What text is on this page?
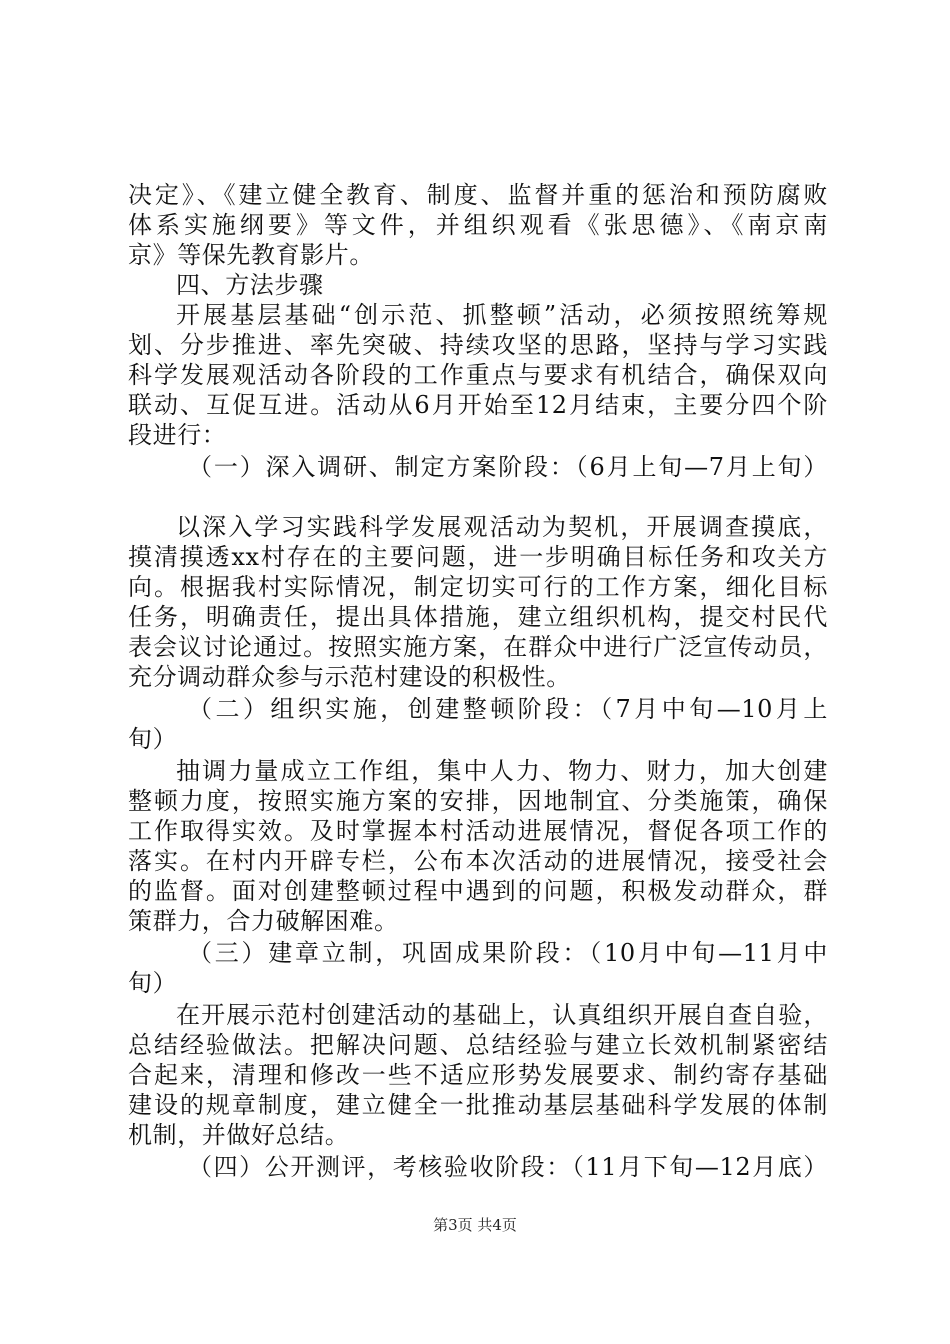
决定》、《建立健全教育、制度、监督并重的惩治和预防腐败
体系实施纲要》等文件，并组织观看《张思德》、《南京南
京》等保先教育影片。
四、方法步骤
开展基层基础“创示范、抓整顿”活动，必须按照统筹规
划、分步推进、率先突破、持续攻坚的思路，坚持与学习实践
科学发展观活动各阶段的工作重点与要求有机结合，确保双向
联动、互促互进。活动从6月开始至12月结束，主要分四个阶
段进行：
（一）深入调研、制定方案阶段：（6月上旬—7月上旬）
以深入学习实践科学发展观活动为契机，开展调查摸底，
摸清摸透xx村存在的主要问题，进一步明确目标任务和攻关方
向。根据我村实际情况，制定切实可行的工作方案，细化目标
任务，明确责任，提出具体措施，建立组织机构，提交村民代
表会议讨论通过。按照实施方案，在群众中进行广泛宣传动员，
充分调动群众参与示范村建设的积极性。
（二）组织实施，创建整顿阶段：（7月中旬—10月上
旬）
抽调力量成立工作组，集中人力、物力、财力，加大创建
整顿力度，按照实施方案的安排，因地制宜、分类施策，确保
工作取得实效。及时掌握本村活动进展情况，督促各项工作的
落实。在村内开辟专栏，公布本次活动的进展情况，接受社会
的监督。面对创建整顿过程中遇到的问题，积极发动群众，群
策群力，合力破解困难。
（三）建章立制，巩固成果阶段：（10月中旬—11月中
旬）
在开展示范村创建活动的基础上，认真组织开展自查自验，
总结经验做法。把解决问题、总结经验与建立长效机制紧密结
合起来，清理和修改一些不适应形势发展要求、制约寄存基础
建设的规章制度，建立健全一批推动基层基础科学发展的体制
机制，并做好总结。
（四）公开测评，考核验收阶段：（11月下旬—12月底）
第3页 共4页
